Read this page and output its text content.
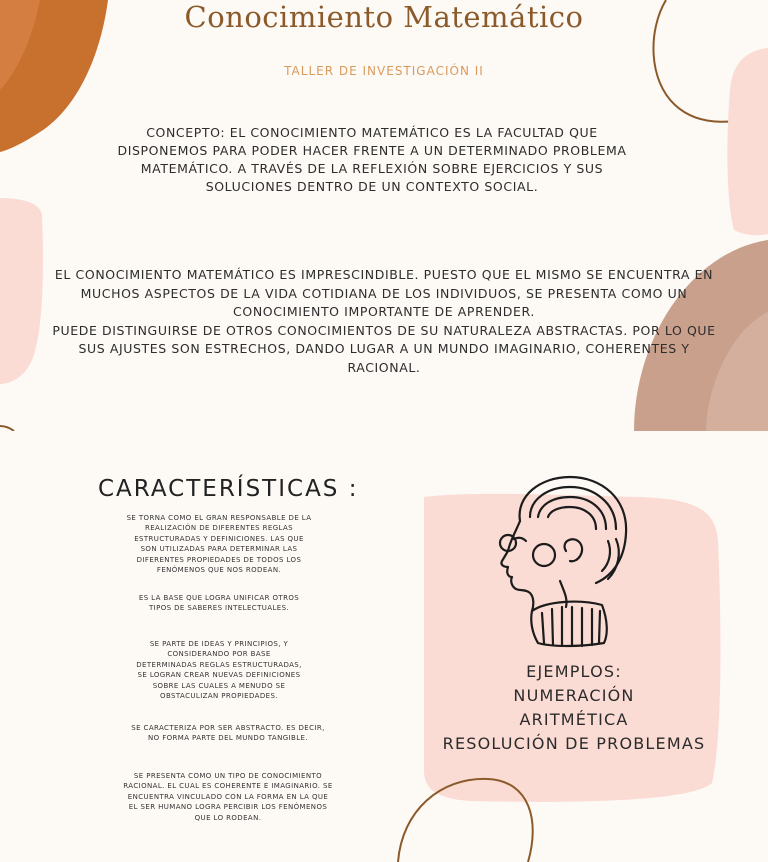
Conocimiento Matemático
TALLER DE INVESTIGACIÓN II
CONCEPTO: EL CONOCIMIENTO MATEMÁTICO ES LA FACULTAD QUE DISPONEMOS PARA PODER HACER FRENTE A UN DETERMINADO PROBLEMA MATEMÁTICO. A TRAVÉS DE LA REFLEXIÓN SOBRE EJERCICIOS Y SUS SOLUCIONES DENTRO DE UN CONTEXTO SOCIAL.
EL CONOCIMIENTO MATEMÁTICO ES IMPRESCINDIBLE. PUESTO QUE EL MISMO SE ENCUENTRA EN MUCHOS ASPECTOS DE LA VIDA COTIDIANA DE LOS INDIVIDUOS, SE PRESENTA COMO UN CONOCIMIENTO IMPORTANTE DE APRENDER.
PUEDE DISTINGUIRSE DE OTROS CONOCIMIENTOS DE SU NATURALEZA ABSTRACTAS. POR LO QUE SUS AJUSTES SON ESTRECHOS, DANDO LUGAR A UN MUNDO IMAGINARIO, COHERENTES Y RACIONAL.
CARACTERÍSTICAS :
SE TORNA COMO EL GRAN RESPONSABLE DE LA REALIZACIÓN DE DIFERENTES REGLAS ESTRUCTURADAS Y DEFINICIONES. LAS QUE SON UTILIZADAS PARA DETERMINAR LAS DIFERENTES PROPIEDADES DE TODOS LOS FENÓMENOS QUE NOS RODEAN.
ES LA BASE QUE LOGRA UNIFICAR OTROS TIPOS DE SABERES INTELECTUALES.
SE PARTE DE IDEAS Y PRINCIPIOS, Y CONSIDERANDO POR BASE DETERMINADAS REGLAS ESTRUCTURADAS, SE LOGRAN CREAR NUEVAS DEFINICIONES SOBRE LAS CUALES A MENUDO SE OBSTACULIZAN PROPIEDADES.
SE CARACTERIZA POR SER ABSTRACTO. ES DECIR, NO FORMA PARTE DEL MUNDO TANGIBLE.
SE PRESENTA COMO UN TIPO DE CONOCIMIENTO RACIONAL. EL CUAL ES COHERENTE E IMAGINARIO. SE ENCUENTRA VINCULADO CON LA FORMA EN LA QUE EL SER HUMANO LOGRA PERCIBIR LOS FENÓMENOS QUE LO RODEAN.
EJEMPLOS:
NUMERACIÓN
ARITMÉTICA
RESOLUCIÓN DE PROBLEMAS
